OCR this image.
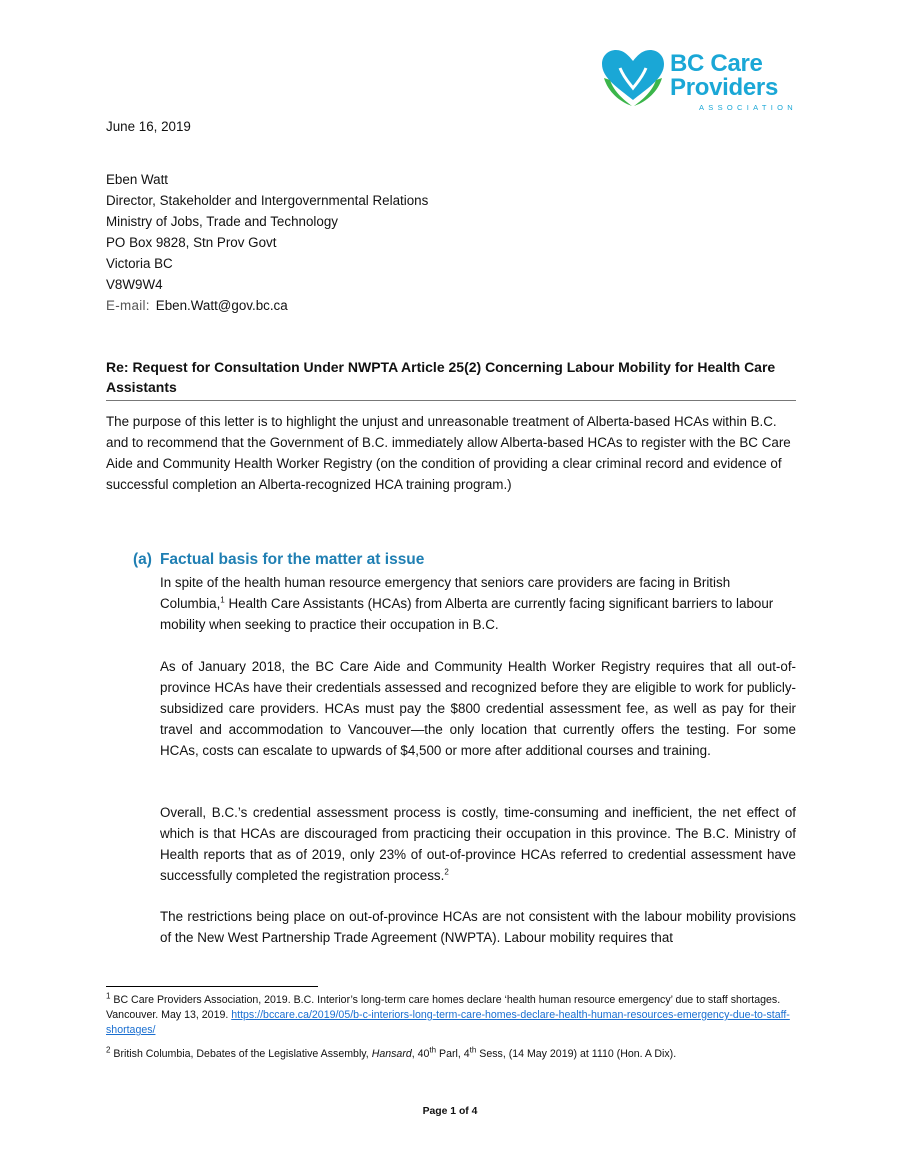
BC Care
Providers
ASSOCIATION
June 16, 2019
Eben Watt
Director, Stakeholder and Intergovernmental Relations
Ministry of Jobs, Trade and Technology
PO Box 9828, Stn Prov Govt
Victoria BC
V8W9W4
E-mail: Eben.Watt@gov.bc.ca
Re: Request for Consultation Under NWPTA Article 25(2) Concerning Labour Mobility for Health Care Assistants
The purpose of this letter is to highlight the unjust and unreasonable treatment of Alberta-based HCAs within B.C. and to recommend that the Government of B.C. immediately allow Alberta-based HCAs to register with the BC Care Aide and Community Health Worker Registry (on the condition of providing a clear criminal record and evidence of successful completion an Alberta-recognized HCA training program.)
(a) Factual basis for the matter at issue
In spite of the health human resource emergency that seniors care providers are facing in British Columbia,$^1$ Health Care Assistants (HCAs) from Alberta are currently facing significant barriers to labour mobility when seeking to practice their occupation in B.C.
As of January 2018, the BC Care Aide and Community Health Worker Registry requires that all out-of-province HCAs have their credentials assessed and recognized before they are eligible to work for publicly-subsidized care providers. HCAs must pay the $800 credential assessment fee, as well as pay for their travel and accommodation to Vancouver—the only location that currently offers the testing. For some HCAs, costs can escalate to upwards of $4,500 or more after additional courses and training.
Overall, B.C.’s credential assessment process is costly, time-consuming and inefficient, the net effect of which is that HCAs are discouraged from practicing their occupation in this province. The B.C. Ministry of Health reports that as of 2019, only 23% of out-of-province HCAs referred to credential assessment have successfully completed the registration process.$^2$
The restrictions being place on out-of-province HCAs are not consistent with the labour mobility provisions of the New West Partnership Trade Agreement (NWPTA). Labour mobility requires that
$^1$ BC Care Providers Association, 2019. B.C. Interior’s long-term care homes declare ‘health human resource emergency’ due to staff shortages. Vancouver. May 13, 2019. https://bccare.ca/2019/05/b-c-interiors-long-term-care-homes-declare-health-human-resources-emergency-due-to-staff-shortages/
$^2$ British Columbia, Debates of the Legislative Assembly, Hansard, 40th Parl, 4th Sess, (14 May 2019) at 1110 (Hon. A Dix).
Page 1 of 4
